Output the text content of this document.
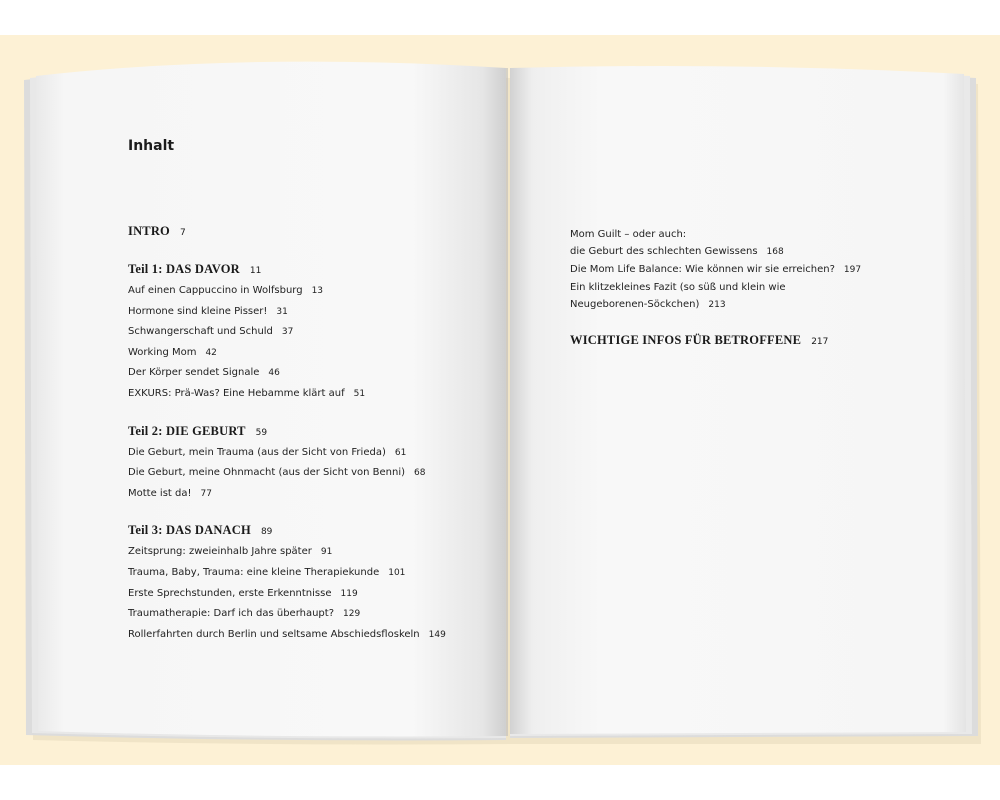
Inhalt
INTRO 7
Teil 1: DAS DAVOR 11
Auf einen Cappuccino in Wolfsburg 13
Hormone sind kleine Pisser! 31
Schwangerschaft und Schuld 37
Working Mom 42
Der Körper sendet Signale 46
EXKURS: Prä-Was? Eine Hebamme klärt auf 51
Teil 2: DIE GEBURT 59
Die Geburt, mein Trauma (aus der Sicht von Frieda) 61
Die Geburt, meine Ohnmacht (aus der Sicht von Benni) 68
Motte ist da! 77
Teil 3: DAS DANACH 89
Zeitsprung: zweieinhalb Jahre später 91
Trauma, Baby, Trauma: eine kleine Therapiekunde 101
Erste Sprechstunden, erste Erkenntnisse 119
Traumatherapie: Darf ich das überhaupt? 129
Rollerfahrten durch Berlin und seltsame Abschiedsfloskeln 149
Mom Guilt – oder auch:
die Geburt des schlechten Gewissens 168
Die Mom Life Balance: Wie können wir sie erreichen? 197
Ein klitzekleines Fazit (so süß und klein wie
Neugeborenen-Söckchen) 213
WICHTIGE INFOS FÜR BETROFFENE 217
